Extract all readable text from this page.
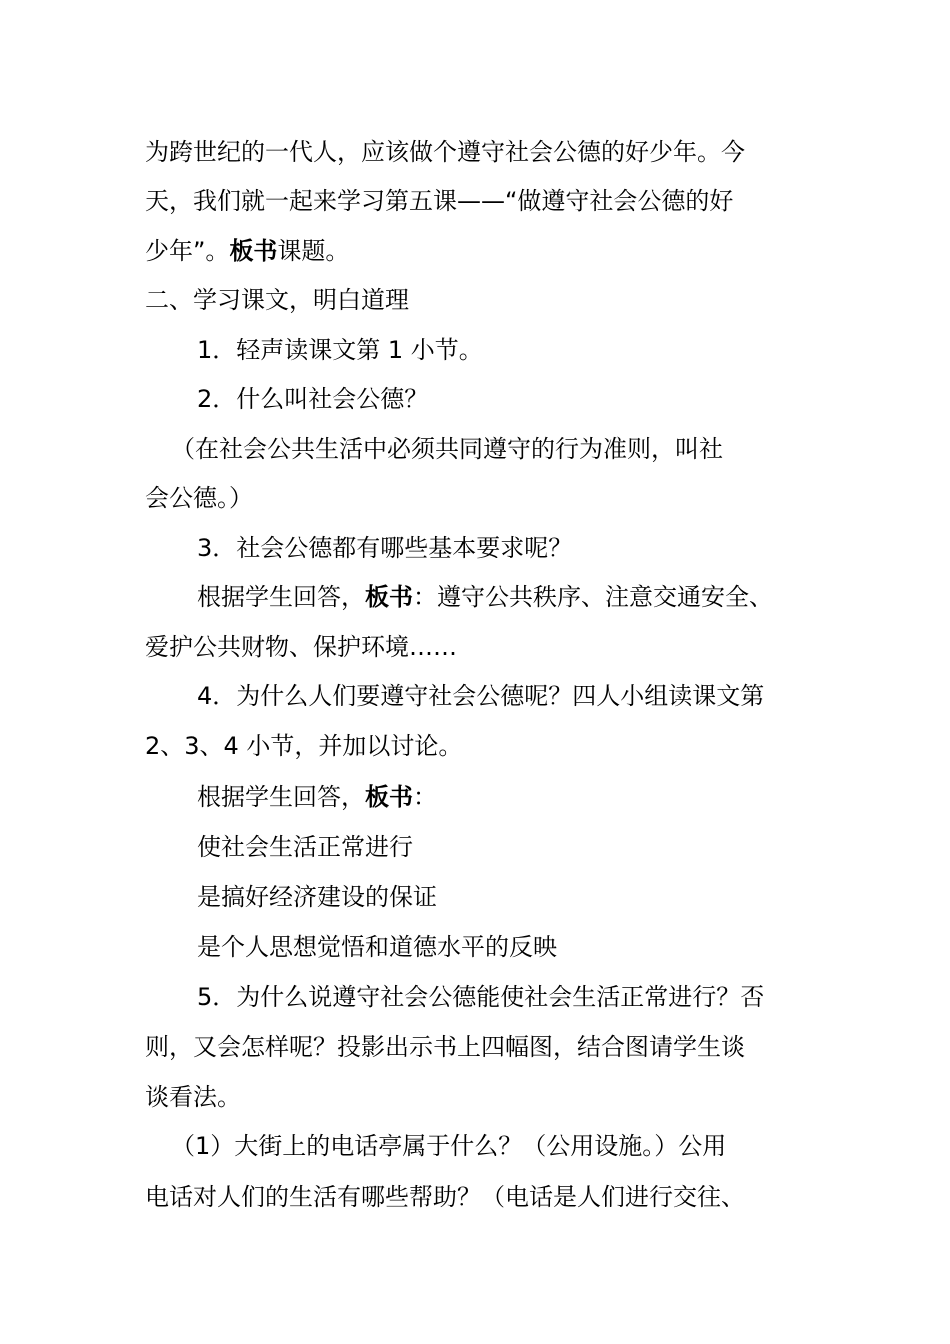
为跨世纪的一代人，应该做个遵守社会公德的好少年。今
天，我们就一起来学习第五课——“做遵守社会公德的好
少年”。板书课题。
二、学习课文，明白道理
1．轻声读课文第 1 小节。
2．什么叫社会公德？
（在社会公共生活中必须共同遵守的行为准则，叫社
会公德。）
3．社会公德都有哪些基本要求呢？
根据学生回答，板书：遵守公共秩序、注意交通安全、
爱护公共财物、保护环境……
4．为什么人们要遵守社会公德呢？四人小组读课文第
2、3、4 小节，并加以讨论。
根据学生回答，板书：
使社会生活正常进行
是搞好经济建设的保证
是个人思想觉悟和道德水平的反映
5．为什么说遵守社会公德能使社会生活正常进行？否
则，又会怎样呢？投影出示书上四幅图，结合图请学生谈
谈看法。
（1）大街上的电话亭属于什么？（公用设施。）公用
电话对人们的生活有哪些帮助？（电话是人们进行交往、
